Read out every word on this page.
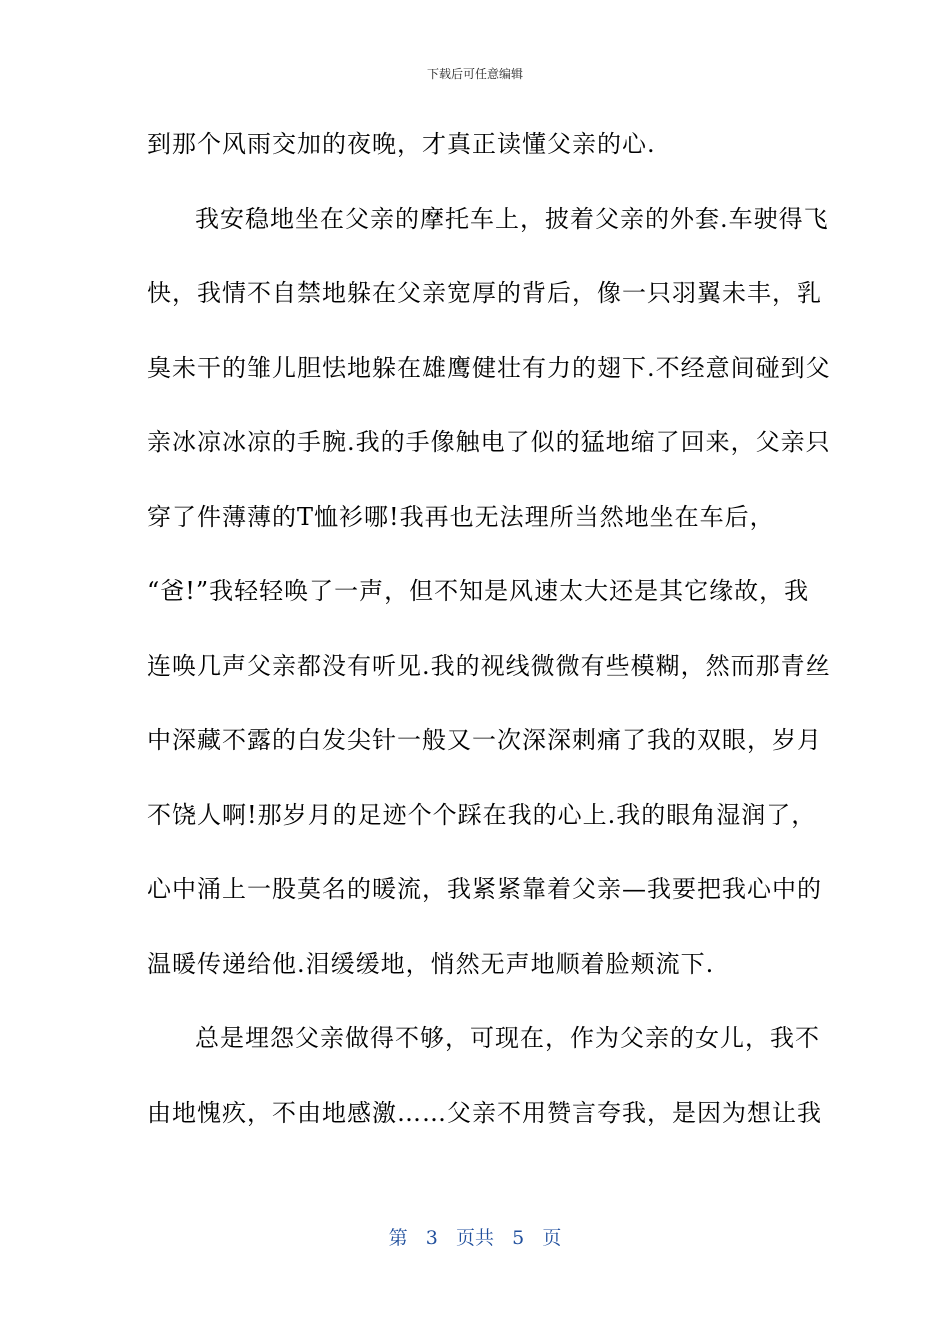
下载后可任意编辑
到那个风雨交加的夜晚，才真正读懂父亲的心.
我安稳地坐在父亲的摩托车上，披着父亲的外套.车驶得飞
快，我情不自禁地躲在父亲宽厚的背后，像一只羽翼未丰，乳
臭未干的雏儿胆怯地躲在雄鹰健壮有力的翅下.不经意间碰到父
亲冰凉冰凉的手腕.我的手像触电了似的猛地缩了回来，父亲只
穿了件薄薄的T恤衫哪!我再也无法理所当然地坐在车后，
“爸!”我轻轻唤了一声，但不知是风速太大还是其它缘故，我
连唤几声父亲都没有听见.我的视线微微有些模糊，然而那青丝
中深藏不露的白发尖针一般又一次深深刺痛了我的双眼，岁月
不饶人啊!那岁月的足迹个个踩在我的心上.我的眼角湿润了，
心中涌上一股莫名的暖流，我紧紧靠着父亲—我要把我心中的
温暖传递给他.泪缓缓地，悄然无声地顺着脸颊流下.
总是埋怨父亲做得不够，可现在，作为父亲的女儿，我不
由地愧疚，不由地感激……父亲不用赞言夸我，是因为想让我
第 3 页共 5 页
